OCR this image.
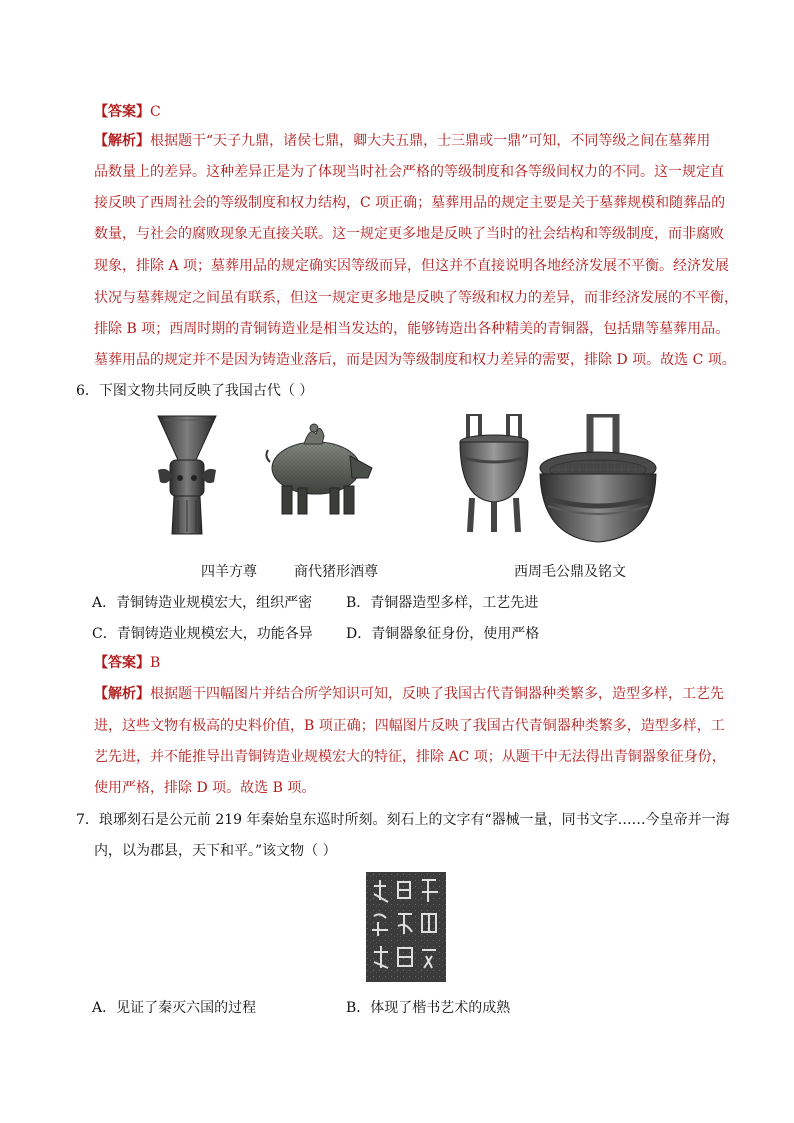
【答案】C
【解析】根据题干“天子九鼎，诸侯七鼎，卿大夫五鼎，士三鼎或一鼎”可知，不同等级之间在墓葬用
品数量上的差异。这种差异正是为了体现当时社会严格的等级制度和各等级间权力的不同。这一规定直
接反映了西周社会的等级制度和权力结构，C 项正确；墓葬用品的规定主要是关于墓葬规模和随葬品的
数量，与社会的腐败现象无直接关联。这一规定更多地是反映了当时的社会结构和等级制度，而非腐败
现象，排除 A 项；墓葬用品的规定确实因等级而异，但这并不直接说明各地经济发展不平衡。经济发展
状况与墓葬规定之间虽有联系，但这一规定更多地是反映了等级和权力的差异，而非经济发展的不平衡，
排除 B 项；西周时期的青铜铸造业是相当发达的，能够铸造出各种精美的青铜器，包括鼎等墓葬用品。
墓葬用品的规定并不是因为铸造业落后，而是因为等级制度和权力差异的需要，排除 D 项。故选 C 项。
6．下图文物共同反映了我国古代（ ）
四羊方尊	商代猪形酒尊	西周毛公鼎及铭文
A．青铜铸造业规模宏大，组织严密 B．青铜器造型多样，工艺先进
C．青铜铸造业规模宏大，功能各异 D．青铜器象征身份，使用严格
【答案】B
【解析】根据题干四幅图片并结合所学知识可知，反映了我国古代青铜器种类繁多，造型多样，工艺先
进，这些文物有极高的史料价值，B 项正确；四幅图片反映了我国古代青铜器种类繁多，造型多样，工
艺先进，并不能推导出青铜铸造业规模宏大的特征，排除 AC 项；从题干中无法得出青铜器象征身份，
使用严格，排除 D 项。故选 B 项。
7．琅琊刻石是公元前 219 年秦始皇东巡时所刻。刻石上的文字有“器械一量，同书文字……今皇帝并一海
内，以为郡县，天下和平。”该文物（ ）
A．见证了秦灭六国的过程	B．体现了楷书艺术的成熟
